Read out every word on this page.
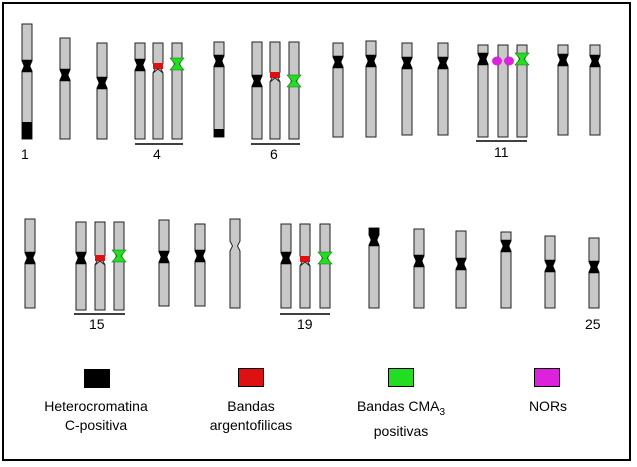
1	4	6	11
15	19	25
Heterocromatina
C-positiva
Bandas
argentofilicas
Bandas $CMA_3$
positivas
NORs
